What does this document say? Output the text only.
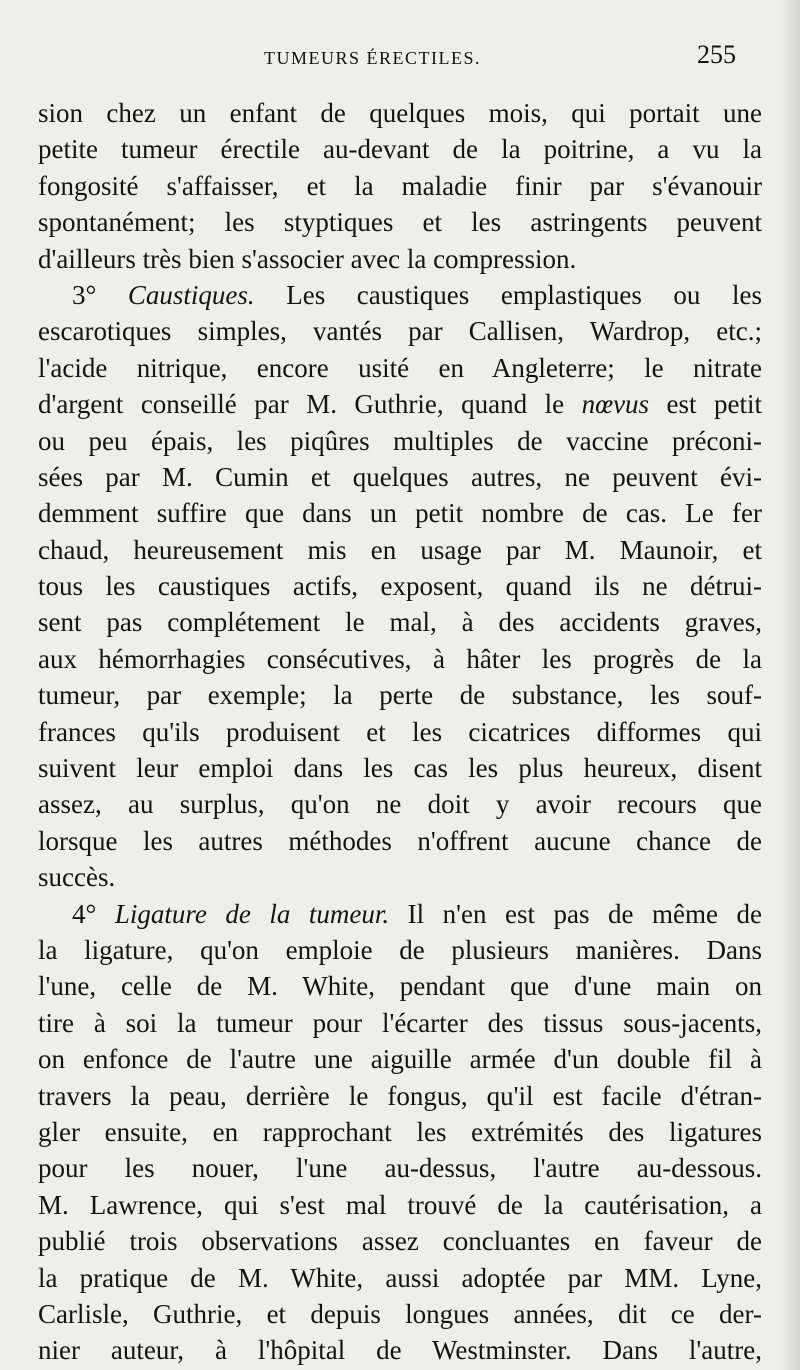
TUMEURS ÉRECTILES.	255
sion chez un enfant de quelques mois, qui portait une
petite tumeur érectile au-devant de la poitrine, a vu la
fongosité s'affaisser, et la maladie finir par s'évanouir
spontanément; les styptiques et les astringents peuvent
d'ailleurs très bien s'associer avec la compression.
3° Caustiques. Les caustiques emplastiques ou les
escarotiques simples, vantés par Callisen, Wardrop, etc.;
l'acide nitrique, encore usité en Angleterre; le nitrate
d'argent conseillé par M. Guthrie, quand le nœvus est petit
ou peu épais, les piqûres multiples de vaccine préconi-
sées par M. Cumin et quelques autres, ne peuvent évi-
demment suffire que dans un petit nombre de cas. Le fer
chaud, heureusement mis en usage par M. Maunoir, et
tous les caustiques actifs, exposent, quand ils ne détrui-
sent pas complétement le mal, à des accidents graves,
aux hémorrhagies consécutives, à hâter les progrès de la
tumeur, par exemple; la perte de substance, les souf-
frances qu'ils produisent et les cicatrices difformes qui
suivent leur emploi dans les cas les plus heureux, disent
assez, au surplus, qu'on ne doit y avoir recours que
lorsque les autres méthodes n'offrent aucune chance de
succès.
4° Ligature de la tumeur. Il n'en est pas de même de
la ligature, qu'on emploie de plusieurs manières. Dans
l'une, celle de M. White, pendant que d'une main on
tire à soi la tumeur pour l'écarter des tissus sous-jacents,
on enfonce de l'autre une aiguille armée d'un double fil à
travers la peau, derrière le fongus, qu'il est facile d'étran-
gler ensuite, en rapprochant les extrémités des ligatures
pour les nouer, l'une au-dessus, l'autre au-dessous.
M. Lawrence, qui s'est mal trouvé de la cautérisation, a
publié trois observations assez concluantes en faveur de
la pratique de M. White, aussi adoptée par MM. Lyne,
Carlisle, Guthrie, et depuis longues années, dit ce der-
nier auteur, à l'hôpital de Westminster. Dans l'autre,
